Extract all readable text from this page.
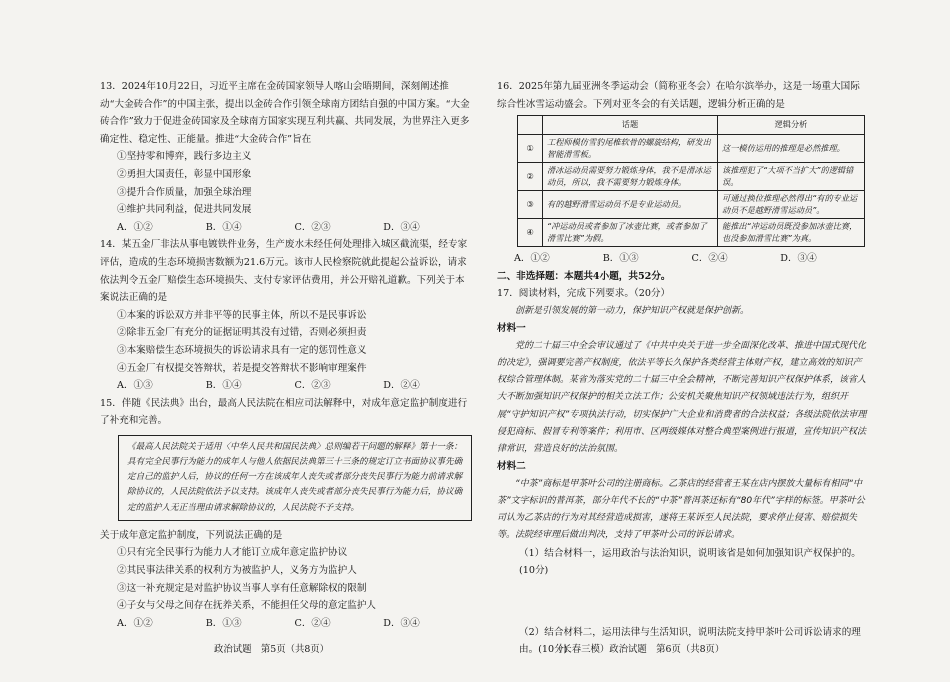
13．2024年10月22日，习近平主席在金砖国家领导人喀山会晤期间，深刻阐述推动“大金砖合作”的中国主张，提出以金砖合作引领全球南方团结自强的中国方案。“大金砖合作”致力于促进金砖国家及全球南方国家实现互利共赢、共同发展，为世界注入更多确定性、稳定性、正能量。推进“大金砖合作”旨在

①坚持零和博弈，践行多边主义

②勇担大国责任，彰显中国形象

③提升合作质量，加强全球治理

④维护共同利益，促进共同发展

A．①②	B．①④	C．②③	D．③④

14．某五金厂非法从事电镀铁件业务，生产废水未经任何处理排入城区截流渠，经专家评估，造成的生态环境损害数额为21.6万元。该市人民检察院就此提起公益诉讼，请求依法判令五金厂赔偿生态环境损失、支付专家评估费用，并公开赔礼道歉。下列关于本案说法正确的是

①本案的诉讼双方并非平等的民事主体，所以不是民事诉讼

②除非五金厂有充分的证据证明其没有过错，否则必须担责

③本案赔偿生态环境损失的诉讼请求具有一定的惩罚性意义

④五金厂有权提交答辩状，若是提交答辩状不影响审理案件

A．①③	B．①④	C．②③	D．②④

15．伴随《民法典》出台，最高人民法院在相应司法解释中，对成年意定监护制度进行了补充和完善。

《最高人民法院关于适用〈中华人民共和国民法典〉总则编若干问题的解释》第十一条：具有完全民事行为能力的成年人与他人依据民法典第三十三条的规定订立书面协议事先确定自己的监护人后，协议的任何一方在该成年人丧失或者部分丧失民事行为能力前请求解除协议的，人民法院依法予以支持。该成年人丧失或者部分丧失民事行为能力后，协议确定的监护人无正当理由请求解除协议的，人民法院不予支持。

关于成年意定监护制度，下列说法正确的是

①只有完全民事行为能力人才能订立成年意定监护协议

②其民事法律关系的权利方为被监护人，义务方为监护人

③这一补充规定是对监护协议当事人享有任意解除权的限制

④子女与父母之间存在抚养关系，不能担任父母的意定监护人

A．①②	B．①③	C．②④	D．③④
政治试题　第5页（共8页）

16．2025年第九届亚洲冬季运动会（简称亚冬会）在哈尔滨举办，这是一场重大国际综合性冰雪运动盛会。下列对亚冬会的有关话题，逻辑分析正确的是

	话题	逻辑分析
①	工程师模仿雪豹尾椎软骨的螺旋结构，研发出智能滑雪板。	这一模仿运用的推理是必然推理。
②	滑冰运动员需要努力锻炼身体，我不是滑冰运动员，所以，我不需要努力锻炼身体。	该推理犯了“大项不当扩大”的逻辑错误。
③	有的越野滑雪运动员不是专业运动员。	可通过换位推理必然得出“有的专业运动员不是越野滑雪运动员”。
④	“冲运动员或者参加了冰壶比赛，或者参加了滑雪比赛”为假。	能推出“冲运动员既没参加冰壶比赛，也没参加滑雪比赛”为真。
A．①②	B．①③	C．②④	D．③④

二、非选择题：本题共4小题，共52分。

17．阅读材料，完成下列要求。（20分）

创新是引领发展的第一动力，保护知识产权就是保护创新。

材料一

党的二十届三中全会审议通过了《中共中央关于进一步全面深化改革、推进中国式现代化的决定》，强调要完善产权制度，依法平等长久保护各类经营主体财产权，建立高效的知识产权综合管理体制。某省为落实党的二十届三中全会精神，不断完善知识产权保护体系，该省人大不断加强知识产权保护的相关立法工作；公安机关聚焦知识产权领域违法行为，组织开展“守护知识产权”专项执法行动，切实保护广大企业和消费者的合法权益；各级法院依法审理侵犯商标、假冒专利等案件；利用市、区两级媒体对整合典型案例进行报道，宣传知识产权法律常识，营造良好的法治氛围。

材料二

“中茶”商标是甲茶叶公司的注册商标。乙茶店的经营者王某在店内摆放大量标有相同“中茶”文字标识的普洱茶，部分年代不长的“中茶”普洱茶还标有“80年代”字样的标签。甲茶叶公司认为乙茶店的行为对其经营造成损害，遂将王某诉至人民法院，要求停止侵害、赔偿损失等。法院经审理后做出判决，支持了甲茶叶公司的诉讼请求。

（1）结合材料一，运用政治与法治知识，说明该省是如何加强知识产权保护的。(10分)

（2）结合材料二，运用法律与生活知识，说明法院支持甲茶叶公司诉讼请求的理由。(10分)

（长春三模）政治试题　第6页（共8页）
